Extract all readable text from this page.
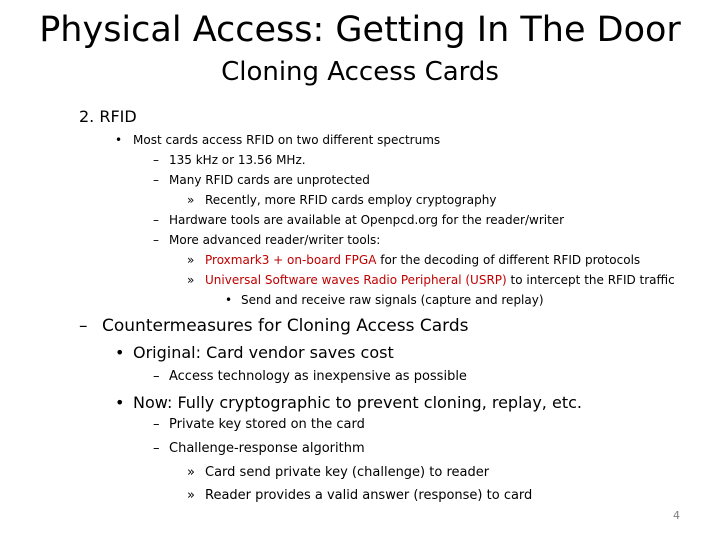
Physical Access: Getting In The Door
Cloning Access Cards
2. RFID
• Most cards access RFID on two different spectrums
– 135 kHz or 13.56 MHz.
– Many RFID cards are unprotected
» Recently, more RFID cards employ cryptography
– Hardware tools are available at Openpcd.org for the reader/writer
– More advanced reader/writer tools:
» Proxmark3 + on-board FPGA for the decoding of different RFID protocols
» Universal Software waves Radio Peripheral (USRP) to intercept the RFID traffic
• Send and receive raw signals (capture and replay)
– Countermeasures for Cloning Access Cards
• Original: Card vendor saves cost
– Access technology as inexpensive as possible
• Now: Fully cryptographic to prevent cloning, replay, etc.
– Private key stored on the card
– Challenge-response algorithm
» Card send private key (challenge) to reader
» Reader provides a valid answer (response) to card
4
